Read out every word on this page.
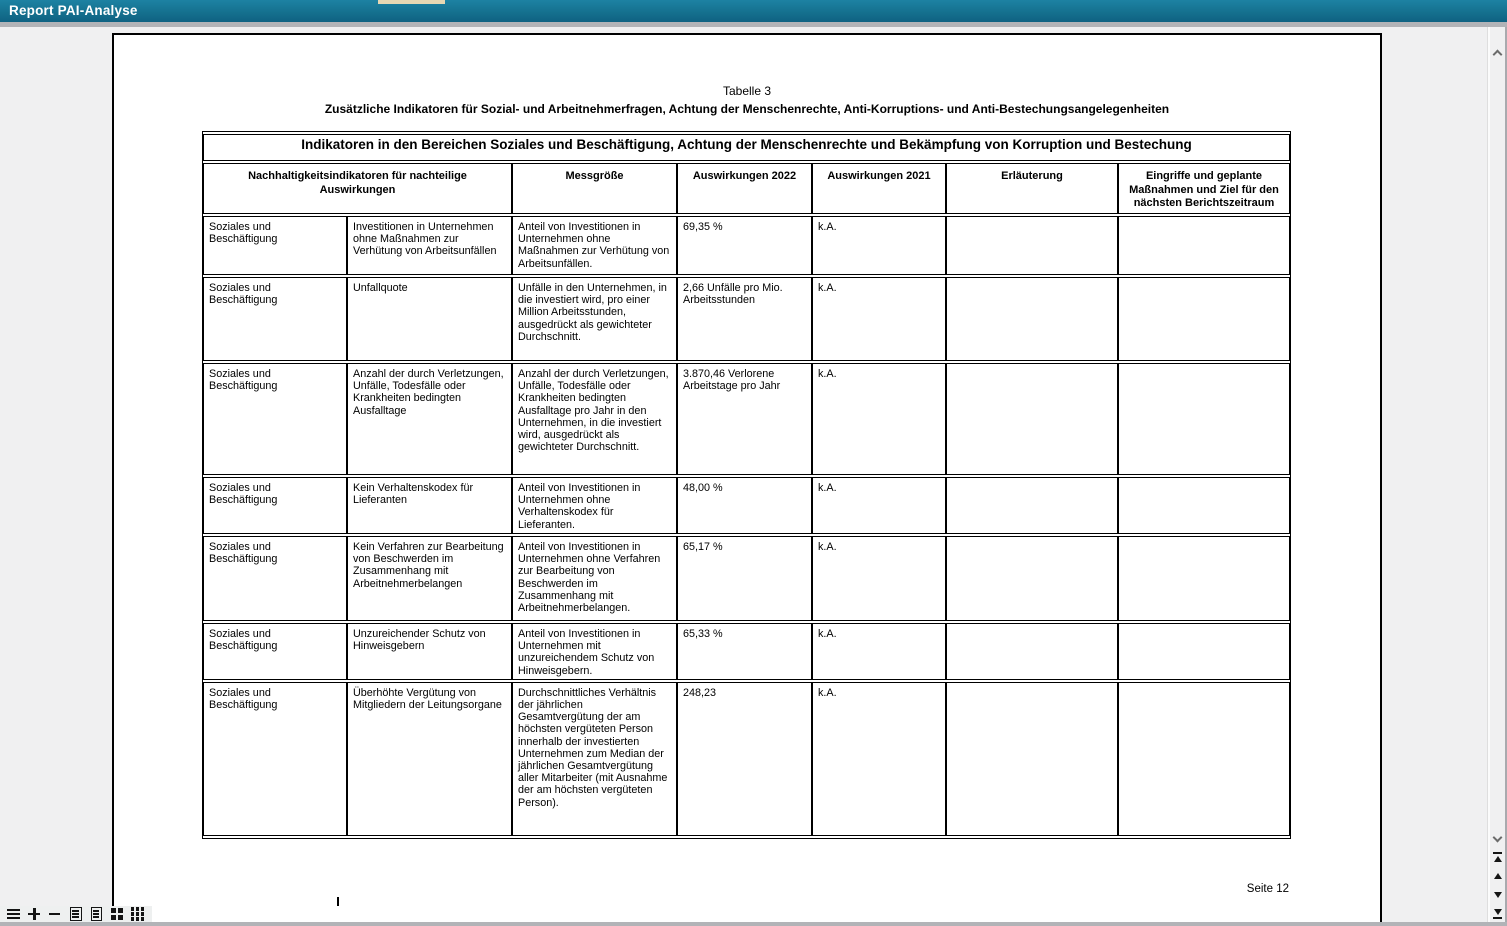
Report PAI-Analyse
Tabelle 3
Zusätzliche Indikatoren für Sozial- und Arbeitnehmerfragen, Achtung der Menschenrechte, Anti-Korruptions- und Anti-Bestechungsangelegenheiten
Indikatoren in den Bereichen Soziales und Beschäftigung, Achtung der Menschenrechte und Bekämpfung von Korruption und Bestechung						
Nachhaltigkeitsindikatoren für nachteilige Auswirkungen		Messgröße	Auswirkungen 2022	Auswirkungen 2021	Erläuterung	Eingriffe und geplante Maßnahmen und Ziel für den nächsten Berichtszeitraum
Soziales und Beschäftigung	Investitionen in Unternehmen ohne Maßnahmen zur Verhütung von Arbeitsunfällen	Anteil von Investitionen in Unternehmen ohne Maßnahmen zur Verhütung von Arbeitsunfällen.	69,35 %	k.A.		
Soziales und Beschäftigung	Unfallquote	Unfälle in den Unternehmen, in die investiert wird, pro einer Million Arbeitsstunden, ausgedrückt als gewichteter Durchschnitt.	2,66 Unfälle pro Mio. Arbeitsstunden	k.A.		
Soziales und Beschäftigung	Anzahl der durch Verletzungen, Unfälle, Todesfälle oder Krankheiten bedingten Ausfalltage	Anzahl der durch Verletzungen, Unfälle, Todesfälle oder Krankheiten bedingten Ausfalltage pro Jahr in den Unternehmen, in die investiert wird, ausgedrückt als gewichteter Durchschnitt.	3.870,46 Verlorene Arbeitstage pro Jahr	k.A.		
Soziales und Beschäftigung	Kein Verhaltenskodex für Lieferanten	Anteil von Investitionen in Unternehmen ohne Verhaltenskodex für Lieferanten.	48,00 %	k.A.		
Soziales und Beschäftigung	Kein Verfahren zur Bearbeitung von Beschwerden im Zusammenhang mit Arbeitnehmerbelangen	Anteil von Investitionen in Unternehmen ohne Verfahren zur Bearbeitung von Beschwerden im Zusammenhang mit Arbeitnehmerbelangen.	65,17 %	k.A.		
Soziales und Beschäftigung	Unzureichender Schutz von Hinweisgebern	Anteil von Investitionen in Unternehmen mit unzureichendem Schutz von Hinweisgebern.	65,33 %	k.A.		
Soziales und Beschäftigung	Überhöhte Vergütung von Mitgliedern der Leitungsorgane	Durchschnittliches Verhältnis der jährlichen Gesamtvergütung der am höchsten vergüteten Person innerhalb der investierten Unternehmen zum Median der jährlichen Gesamtvergütung aller Mitarbeiter (mit Ausnahme der am höchsten vergüteten Person).	248,23	k.A.		
Seite 12
